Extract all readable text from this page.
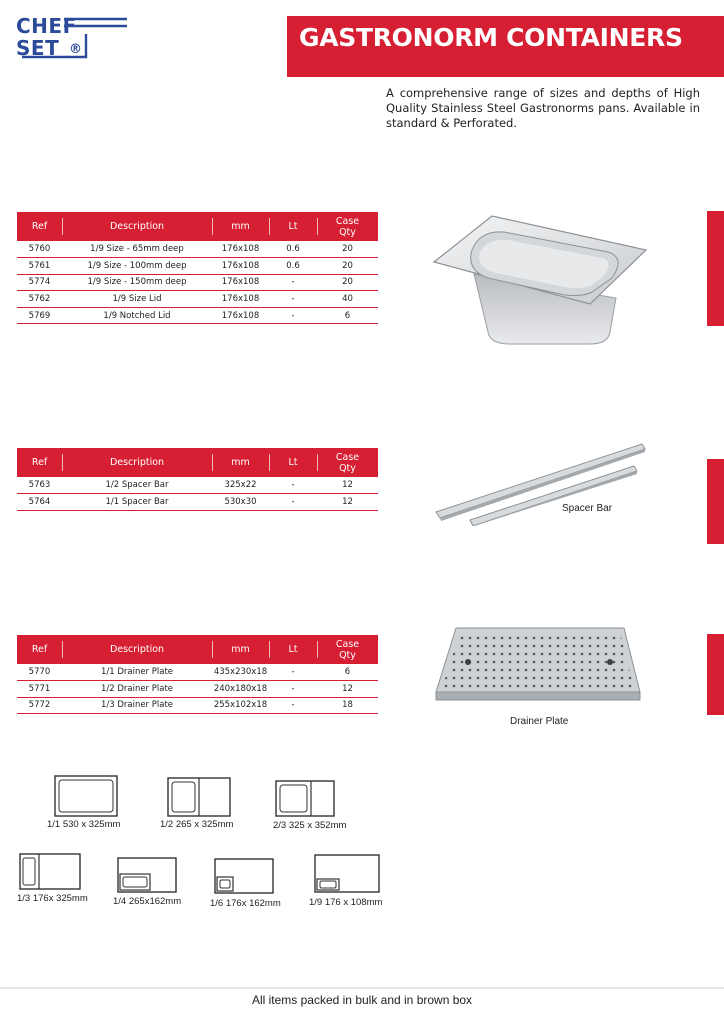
CHEF
SET ®	GASTRONORM CONTAINERS

A comprehensive range of sizes and depths of High Quality Stainless Steel Gastronorms pans. Available in standard & Perforated.

Ref	Description	mm	Lt	Case Qty
5760	1/9 Size - 65mm deep	176x108	0.6	20
5761	1/9 Size - 100mm deep	176x108	0.6	20
5774	1/9 Size - 150mm deep	176x108	-	20
5762	1/9 Size Lid	176x108	-	40
5769	1/9 Notched Lid	176x108	-	6
Ref	Description	mm	Lt	Case Qty
5763	1/2 Spacer Bar	325x22	-	12
5764	1/1 Spacer Bar	530x30	-	12
Ref	Description	mm	Lt	Case Qty
5770	1/1 Drainer Plate	435x230x18	-	6
5771	1/2 Drainer Plate	240x180x18	-	12
5772	1/3 Drainer Plate	255x102x18	-	18
Spacer Bar
Drainer Plate
1/1 530 x 325mm	1/2 265 x 325mm	2/3 325 x 352mm
1/3 176x 325mm	1/4 265x162mm	1/6 176x 162mm	1/9 176 x 108mm
All items packed in bulk and in brown box
